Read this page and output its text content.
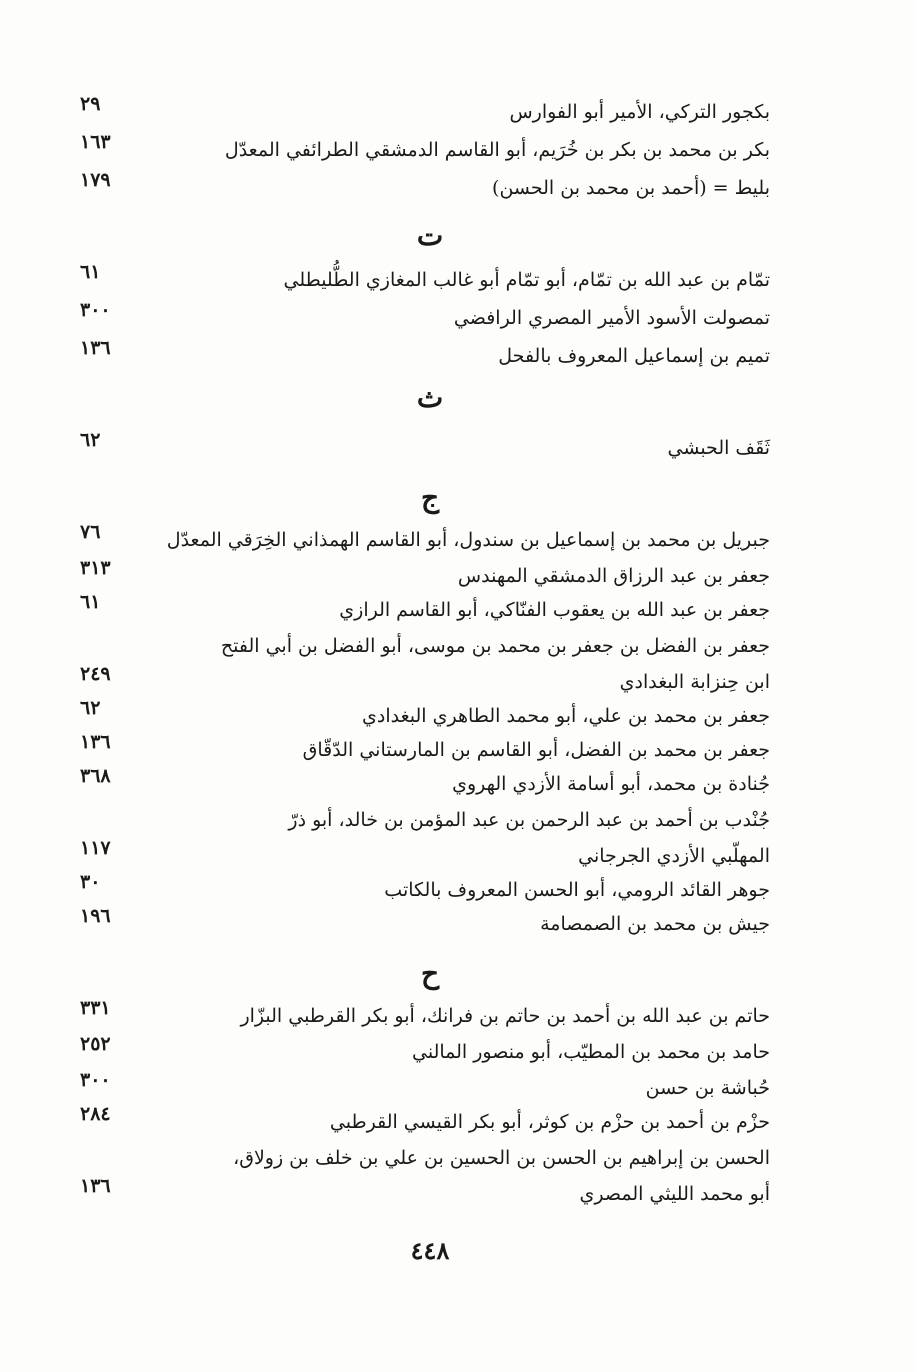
بكجور التركي، الأمير أبو الفوارس
٢٩
بكر بن محمد بن بكر بن خُرَيم، أبو القاسم الدمشقي الطرائفي المعدّل
١٦٣
بليط = (أحمد بن محمد بن الحسن)
١٧٩
ت
تمّام بن عبد الله بن تمّام، أبو تمّام أبو غالب المغازي الطُّليطلي
٦١
تمصولت الأسود الأمير المصري الرافضي
٣٠٠
تميم بن إسماعيل المعروف بالفحل
١٣٦
ث
ثَقَف الحبشي
٦٢
ج
جبريل بن محمد بن إسماعيل بن سندول، أبو القاسم الهمذاني الخِرَقي المعدّل
٧٦
جعفر بن عبد الرزاق الدمشقي المهندس
٣١٣
جعفر بن عبد الله بن يعقوب الفنّاكي، أبو القاسم الرازي
٦١
جعفر بن الفضل بن جعفر بن محمد بن موسى، أبو الفضل بن أبي الفتح
ابن حِنزابة البغدادي
٢٤٩
جعفر بن محمد بن علي، أبو محمد الطاهري البغدادي
٦٢
جعفر بن محمد بن الفضل، أبو القاسم بن المارستاني الدّقّاق
١٣٦
جُنادة بن محمد، أبو أسامة الأزدي الهروي
٣٦٨
جُنْدب بن أحمد بن عبد الرحمن بن عبد المؤمن بن خالد، أبو ذرّ
المهلّبي الأزدي الجرجاني
١١٧
جوهر القائد الرومي، أبو الحسن المعروف بالكاتب
٣٠
جيش بن محمد بن الصمصامة
١٩٦
ح
حاتم بن عبد الله بن أحمد بن حاتم بن فرانك، أبو بكر القرطبي البزّار
٣٣١
حامد بن محمد بن المطيّب، أبو منصور المالني
٢٥٢
حُباشة بن حسن
٣٠٠
حزْم بن أحمد بن حزْم بن كوثر، أبو بكر القيسي القرطبي
٢٨٤
الحسن بن إبراهيم بن الحسن بن الحسين بن علي بن خلف بن زولاق،
أبو محمد الليثي المصري
١٣٦
٤٤٨
